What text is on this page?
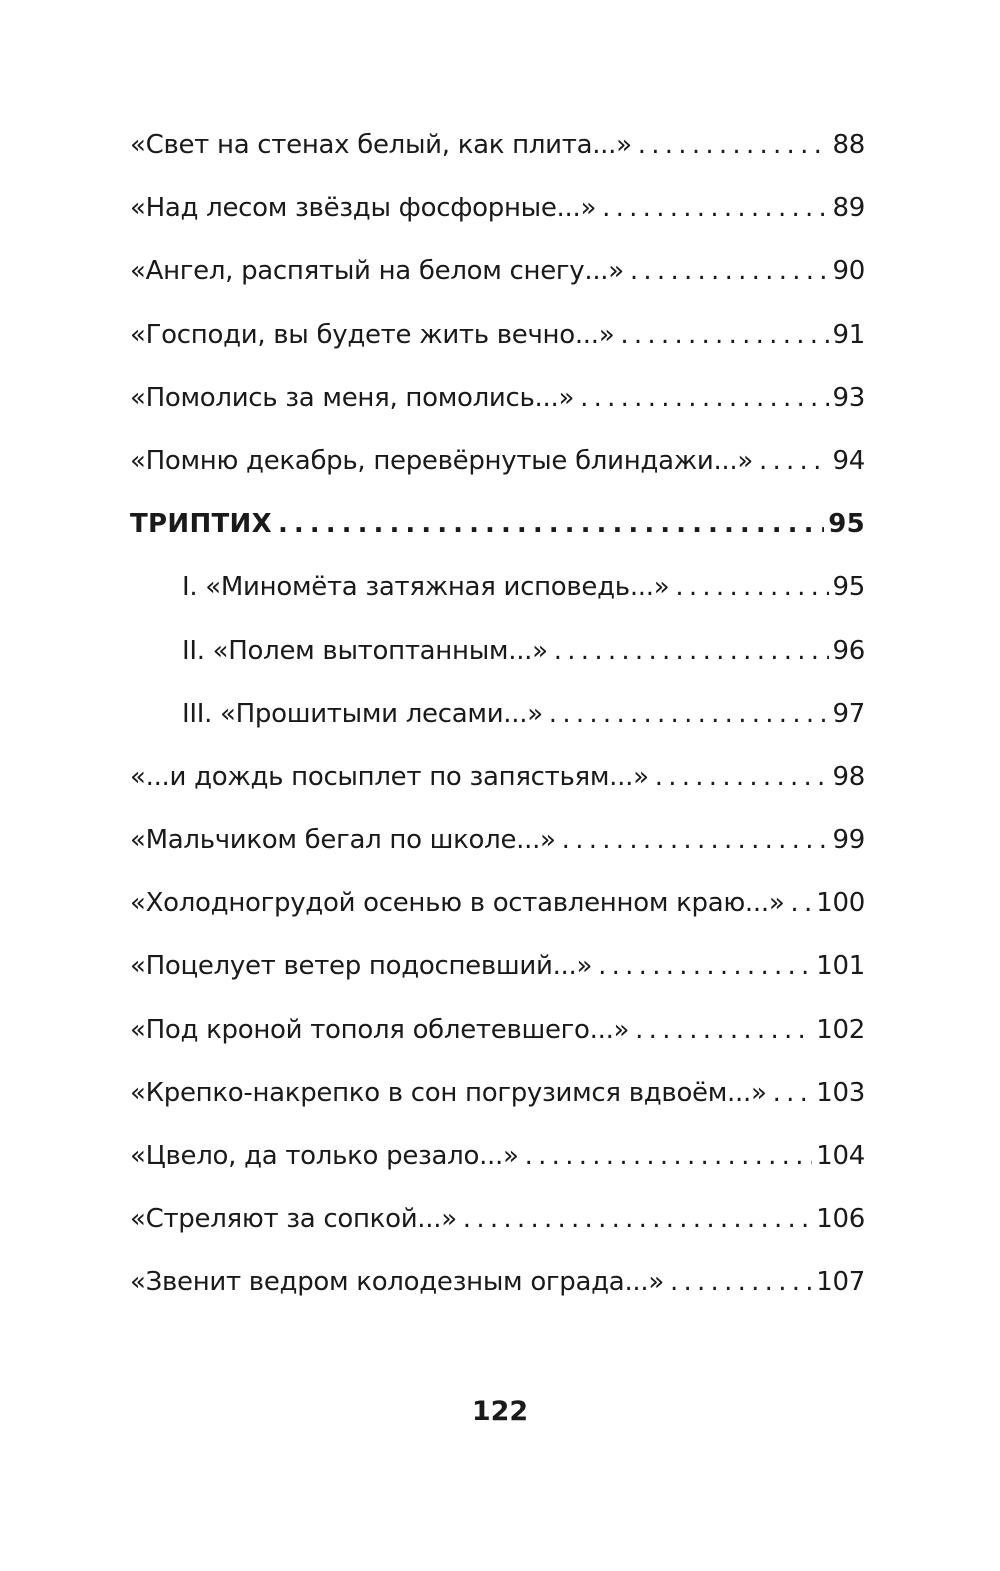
«Свет на стенах белый, как плита...» . . .	88
«Над лесом звёзды фосфорные...» . . .	89
«Ангел, распятый на белом снегу...» . . .	90
«Господи, вы будете жить вечно...» . . .	91
«Помолись за меня, помолись...» . . .	93
«Помню декабрь, перевёрнутые блиндажи...» . . .	94
ТРИПТИХ . . .	95
I. «Миномёта затяжная исповедь...» . . .	95
II. «Полем вытоптанным...» . . .	96
III. «Прошитыми лесами...» . . .	97
«...и дождь посыплет по запястьям...» . . .	98
«Мальчиком бегал по школе...» . . .	99
«Холодногрудой осенью в оставленном краю...» . . . 100
«Поцелует ветер подоспевший...» . . .	101
«Под кроной тополя облетевшего...» . . .	102
«Крепко-накрепко в сон погрузимся вдвоём...» . . . 103
«Цвело, да только резало...» . . .	104
«Стреляют за сопкой...» . . .	106
«Звенит ведром колодезным ограда...» . . .	107
122
